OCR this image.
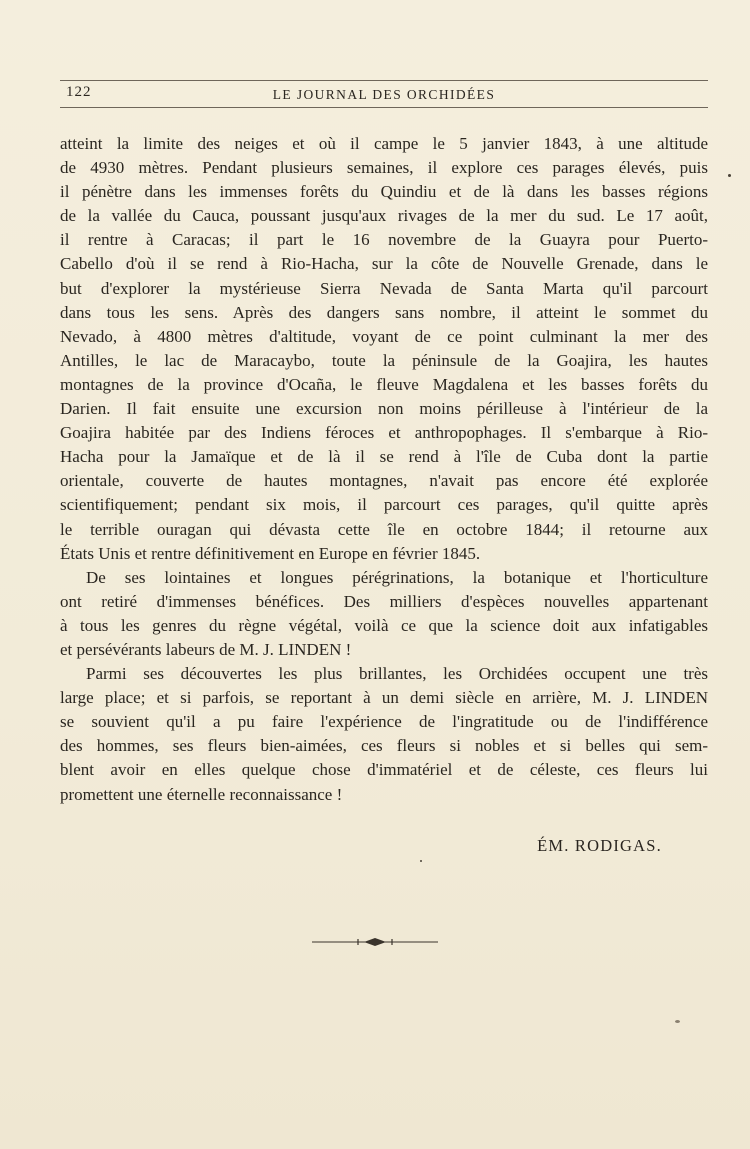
122	LE JOURNAL DES ORCHIDÉES
atteint la limite des neiges et où il campe le 5 janvier 1843, à une altitude
de 4930 mètres. Pendant plusieurs semaines, il explore ces parages élevés, puis
il pénètre dans les immenses forêts du Quindiu et de là dans les basses régions
de la vallée du Cauca, poussant jusqu'aux rivages de la mer du sud. Le 17 août,
il rentre à Caracas; il part le 16 novembre de la Guayra pour Puerto-
Cabello d'où il se rend à Rio-Hacha, sur la côte de Nouvelle Grenade, dans le
but d'explorer la mystérieuse Sierra Nevada de Santa Marta qu'il parcourt
dans tous les sens. Après des dangers sans nombre, il atteint le sommet du
Nevado, à 4800 mètres d'altitude, voyant de ce point culminant la mer des
Antilles, le lac de Maracaybo, toute la péninsule de la Goajira, les hautes
montagnes de la province d'Ocaña, le fleuve Magdalena et les basses forêts du
Darien. Il fait ensuite une excursion non moins périlleuse à l'intérieur de la
Goajira habitée par des Indiens féroces et anthropophages. Il s'embarque à Rio-
Hacha pour la Jamaïque et de là il se rend à l'île de Cuba dont la partie
orientale, couverte de hautes montagnes, n'avait pas encore été explorée
scientifiquement; pendant six mois, il parcourt ces parages, qu'il quitte après
le terrible ouragan qui dévasta cette île en octobre 1844; il retourne aux
États Unis et rentre définitivement en Europe en février 1845.
De ses lointaines et longues pérégrinations, la botanique et l'horticulture
ont retiré d'immenses bénéfices. Des milliers d'espèces nouvelles appartenant
à tous les genres du règne végétal, voilà ce que la science doit aux infatigables
et persévérants labeurs de M. J. LINDEN !
Parmi ses découvertes les plus brillantes, les Orchidées occupent une très
large place; et si parfois, se reportant à un demi siècle en arrière, M. J. LINDEN
se souvient qu'il a pu faire l'expérience de l'ingratitude ou de l'indifférence
des hommes, ses fleurs bien-aimées, ces fleurs si nobles et si belles qui sem-
blent avoir en elles quelque chose d'immatériel et de céleste, ces fleurs lui
promettent une éternelle reconnaissance !
ÉM. RODIGAS.
